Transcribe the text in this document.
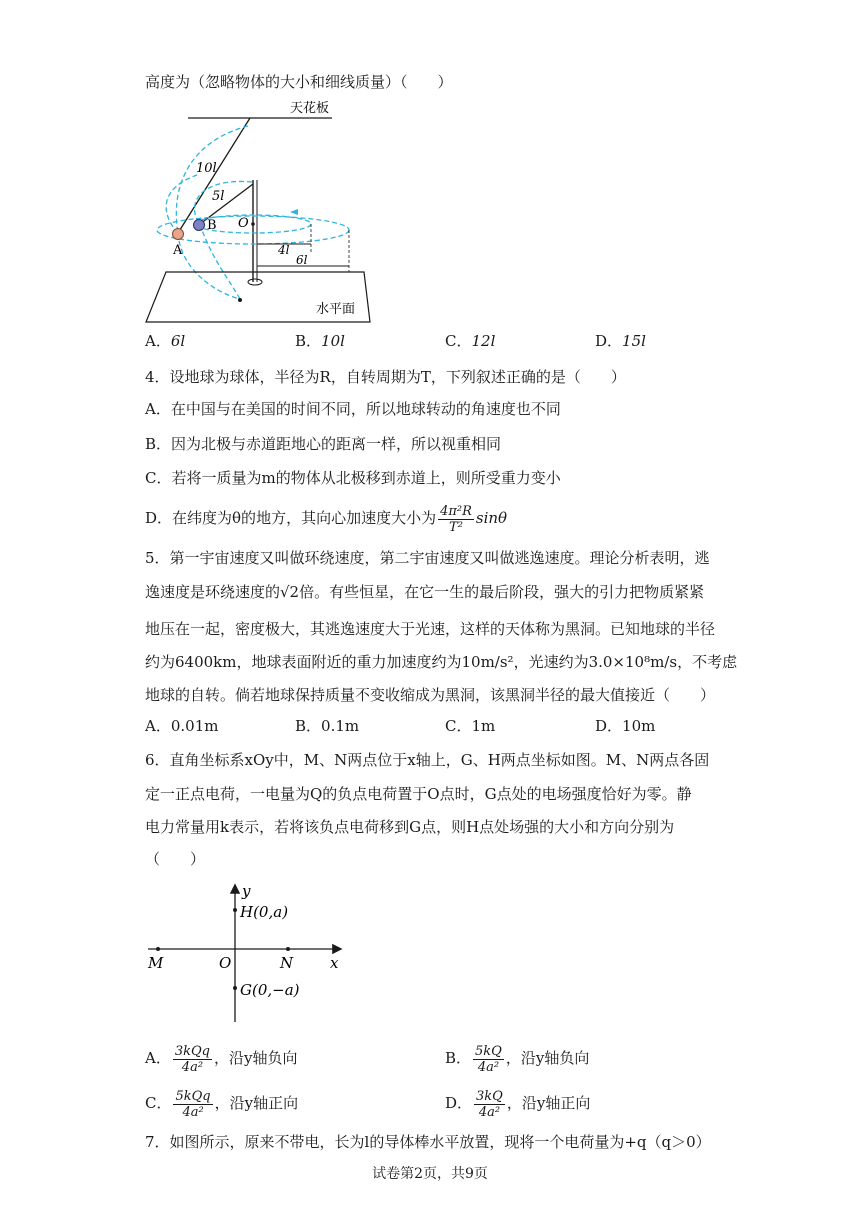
高度为（忽略物体的大小和细线质量）（　　）
天花板
10l
5l
A
B O
4l
6l
水平面
A．6l	B．10l	C．12l	D．15l
4．设地球为球体，半径为R，自转周期为T，下列叙述正确的是（　　）
A．在中国与在美国的时间不同，所以地球转动的角速度也不同
B．因为北极与赤道距地心的距离一样，所以视重相同
C．若将一质量为m的物体从北极移到赤道上，则所受重力变小
D．在纬度为θ的地方，其向心加速度大小为 $\frac{\text{4π²R}}{\text{T²}}$ sinθ
5．第一宇宙速度又叫做环绕速度，第二宇宙速度又叫做逃逸速度。理论分析表明，逃
逸速度是环绕速度的√2倍。有些恒星，在它一生的最后阶段，强大的引力把物质紧紧
地压在一起，密度极大，其逃逸速度大于光速，这样的天体称为黑洞。已知地球的半径
约为6400km，地球表面附近的重力加速度约为10m/s²，光速约为3.0×10⁸m/s，不考虑
地球的自转。倘若地球保持质量不变收缩成为黑洞，该黑洞半径的最大值接近（　　）
A．0.01m	B．0.1m	C．1m	D．10m
6．直角坐标系xOy中，M、N两点位于x轴上，G、H两点坐标如图。M、N两点各固
定一正点电荷，一电量为Q的负点电荷置于O点时，G点处的电场强度恰好为零。静
电力常量用k表示，若将该负点电荷移到G点，则H点处场强的大小和方向分别为
（　　）
y
x
H(0,a)
M	O	N
G(0,−a)
A． $\frac{\text{3kQq}}{\text{4a²}}$ ，沿y轴负向	B． $\frac{5kQ}{\text{4a²}}$ ，沿y轴负向
C． $\frac{\text{5kQq}}{\text{4a²}}$ ，沿y轴正向	D． $\frac{3kQ}{\text{4a²}}$ ，沿y轴正向
7．如图所示，原来不带电，长为l的导体棒水平放置，现将一个电荷量为+q（q＞0）
试卷第2页，共9页
